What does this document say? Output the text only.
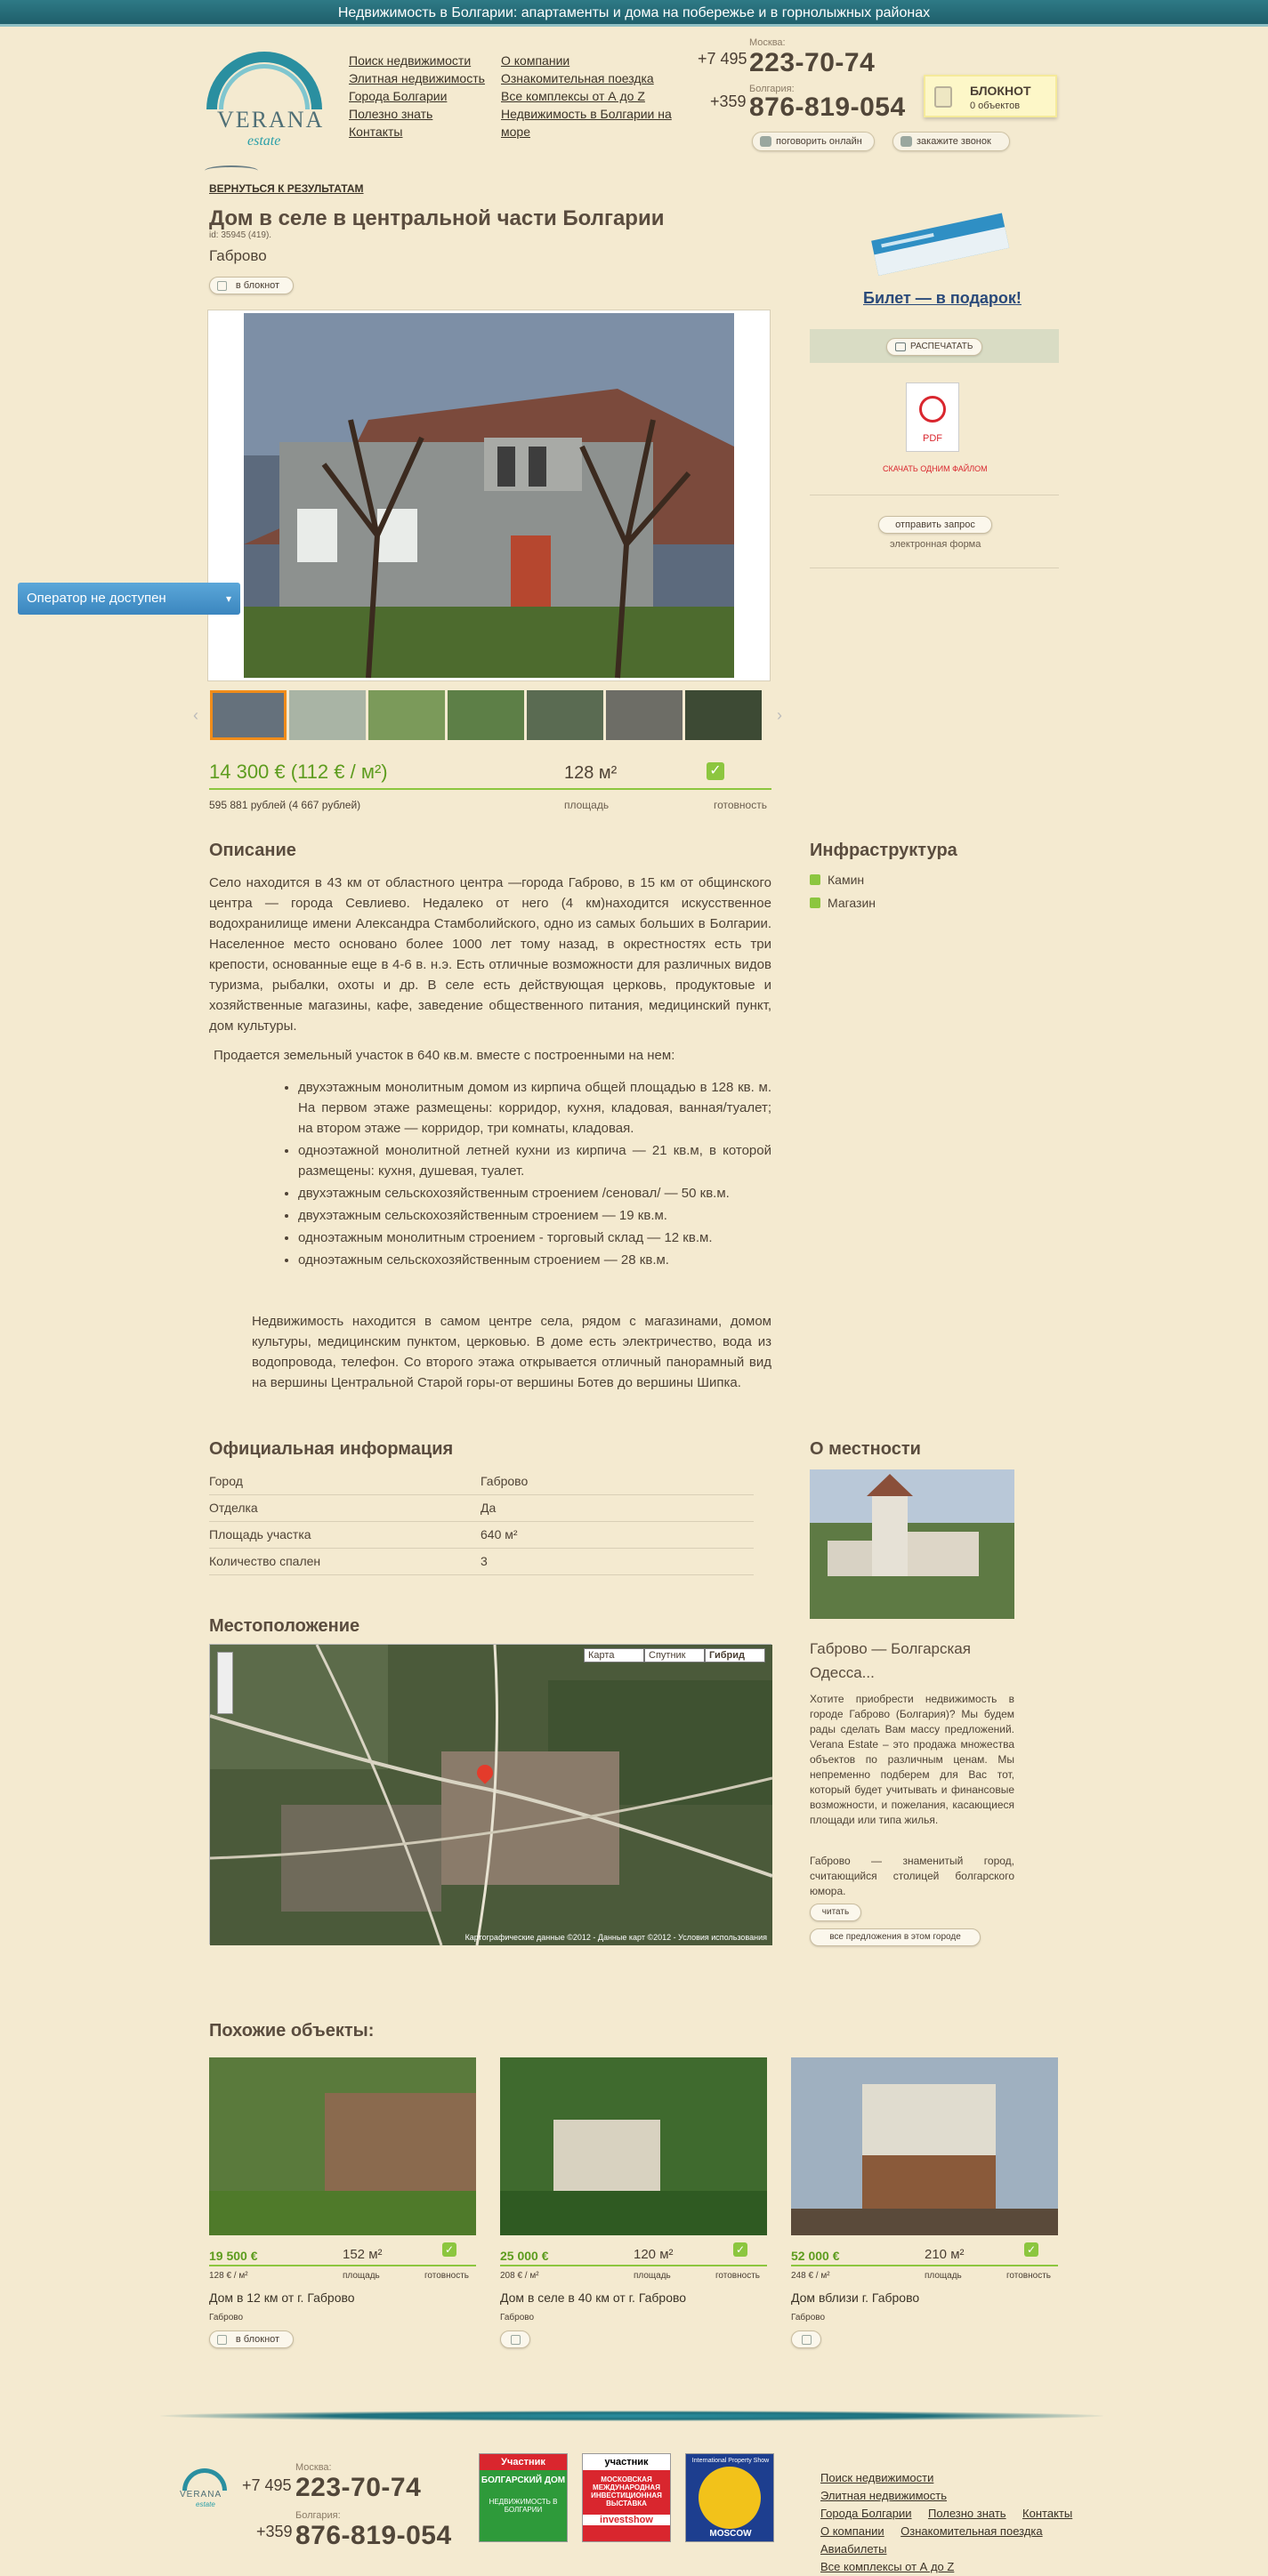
Недвижимость в Болгарии: апартаменты и дома на побережье и в горнолыжных районах
VERANA
estate
Поиск недвижимости
Элитная недвижимость
Города Болгарии
Полезно знать
Контакты
О компании
Ознакомительная поездка
Все комплексы от А до Z
Недвижимость в Болгарии на море
+7 495
Москва:
223-70-74
+359
Болгария:
876-819-054
поговорить онлайн	закажите звонок
БЛОКНОТ
0 объектов
ВЕРНУТЬСЯ К РЕЗУЛЬТАТАМ
Дом в селе в центральной части Болгарии
id: 35945 (419).
Габрово
в блокнот
‹	›
14 300 € (112 € / м²)	128 м²	✓
595 881 рублей (4 667 рублей)	площадь	готовность
Билет — в подарок!
РАСПЕЧАТАТЬ
PDF
СКАЧАТЬ ОДНИМ ФАЙЛОМ
отправить запрос
электронная форма
Оператор не доступен	▾
Описание

Село находится в 43 км от областного центра —города Габрово, в 15 км от общинского центра — города Севлиево. Недалеко от него (4 км)находится искусственное водохранилище имени Александра Стамболийского, одно из самых больших в Болгарии. Населенное место основано более 1000 лет тому назад, в окрестностях есть три крепости, основанные еще в 4-6 в. н.э. Есть отличные возможности для различных видов туризма, рыбалки, охоты и др. В селе есть действующая церковь, продуктовые и хозяйственные магазины, кафе, заведение общественного питания, медицинский пункт, дом культуры.

Продается земельный участок в 640 кв.м. вместе с построенными на нем:

• двухэтажным монолитным домом из кирпича общей площадью в 128 кв. м. На первом этаже размещены: корридор, кухня, кладовая, ванная/туалет; на втором этаже — корридор, три комнаты, кладовая.
• одноэтажной монолитной летней кухни из кирпича — 21 кв.м, в которой размещены: кухня, душевая, туалет.
• двухэтажным сельскохозяйственным строением /сеновал/ — 50 кв.м.
• двухэтажным сельскохозяйственным строением — 19 кв.м.
• одноэтажным монолитным строением - торговый склад — 12 кв.м.
• одноэтажным сельскохозяйственным строением — 28 кв.м.

Недвижимость находится в самом центре села, рядом с магазинами, домом культуры, медицинским пунктом, церковью. В доме есть электричество, вода из водопровода, телефон. Со второго этажа открывается отличный панорамный вид на вершины Центральной Старой горы-от вершины Ботев до вершины Шипка.

Инфраструктура
Камин
Магазин
Официальная информация
Город	Габрово
Отделка	Да
Площадь участка	640 м²
Количество спален	3
Местоположение
Карта	Спутник	Гибрид
Картографические данные ©2012 - Данные карт ©2012 - Условия использования
О местности
Габрово — Болгарская Одесса...

Хотите приобрести недвижимость в городе Габрово (Болгария)? Мы будем рады сделать Вам массу предложений. Verana Estate – это продажа множества объектов по различным ценам. Мы непременно подберем для Вас тот, который будет учитывать и финансовые возможности, и пожелания, касающиеся площади или типа жилья.

Габрово — знаменитый город, считающийся столицей болгарского юмора.

читать
все предложения в этом городе
Похожие объекты:
19 500 €	152 м²	✓
128 € / м²	площадь	готовность
Дом в 12 км от г. Габрово
Габрово
в блокнот
25 000 €	120 м²	✓
208 € / м²	площадь	готовность
Дом в селе в 40 км от г. Габрово
Габрово
52 000 €	210 м²	✓
248 € / м²	площадь	готовность
Дом вблизи г. Габрово
Габрово
VERANA
estate
+7 495
Москва:
223-70-74
+359
Болгария:
876-819-054
Участник
БОЛГАРСКИЙ ДОМ
НЕДВИЖИМОСТЬ В БОЛГАРИИ
участник
МОСКОВСКАЯ МЕЖДУНАРОДНАЯ ИНВЕСТИЦИОННАЯ ВЫСТАВКА
investshow
International Property Show
MOSCOW
Поиск недвижимости Элитная недвижимость
Города Болгарии Полезно знать Контакты
О компании Ознакомительная поездка Авиабилеты
Все комплексы от А до Z
